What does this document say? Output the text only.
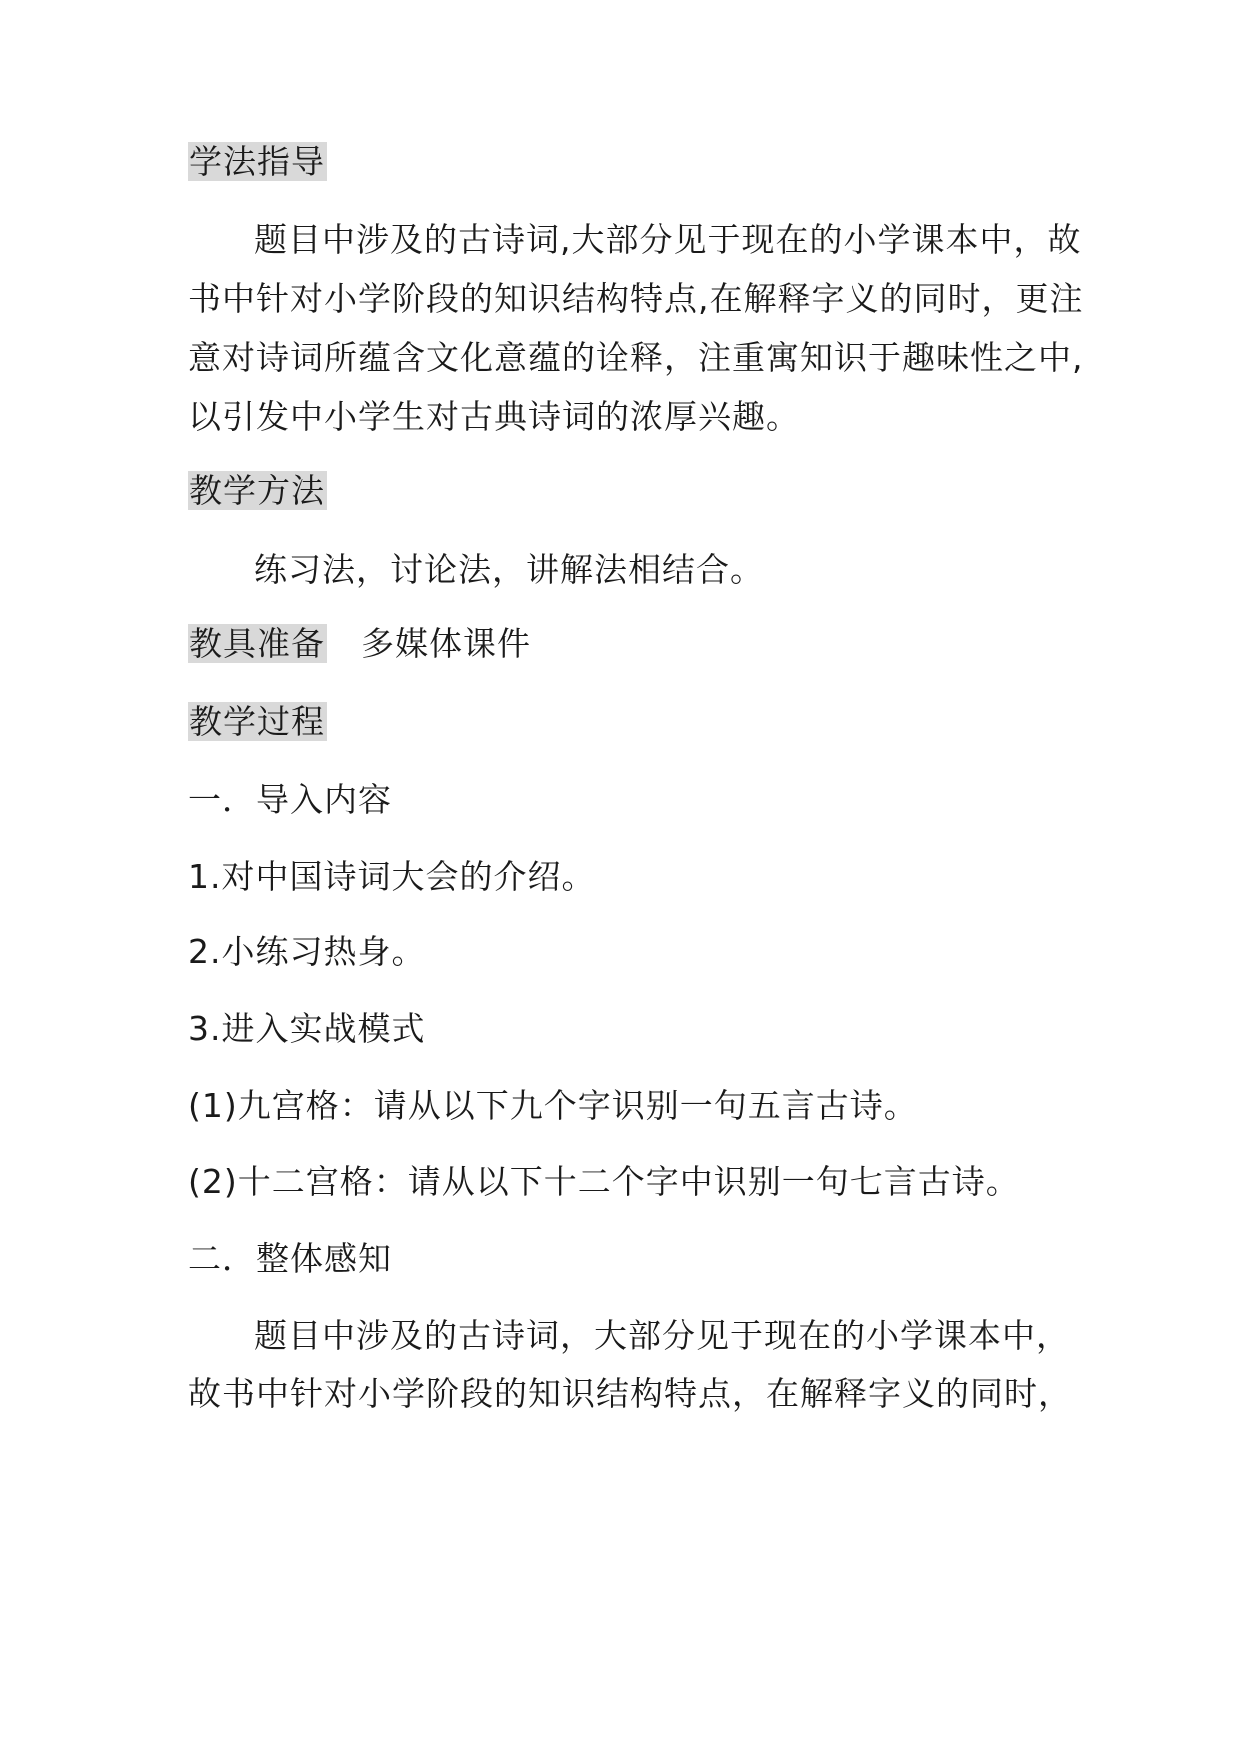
学法指导
题目中涉及的古诗词,大部分见于现在的小学课本中，故
书中针对小学阶段的知识结构特点,在解释字义的同时，更注
意对诗词所蕴含文化意蕴的诠释，注重寓知识于趣味性之中,
以引发中小学生对古典诗词的浓厚兴趣。
教学方法
练习法，讨论法，讲解法相结合。
教具准备 多媒体课件
教学过程
一．导入内容
1.对中国诗词大会的介绍。
2.小练习热身。
3.进入实战模式
(1)九宫格：请从以下九个字识别一句五言古诗。
(2)十二宫格：请从以下十二个字中识别一句七言古诗。
二．整体感知
题目中涉及的古诗词，大部分见于现在的小学课本中，
故书中针对小学阶段的知识结构特点，在解释字义的同时，
